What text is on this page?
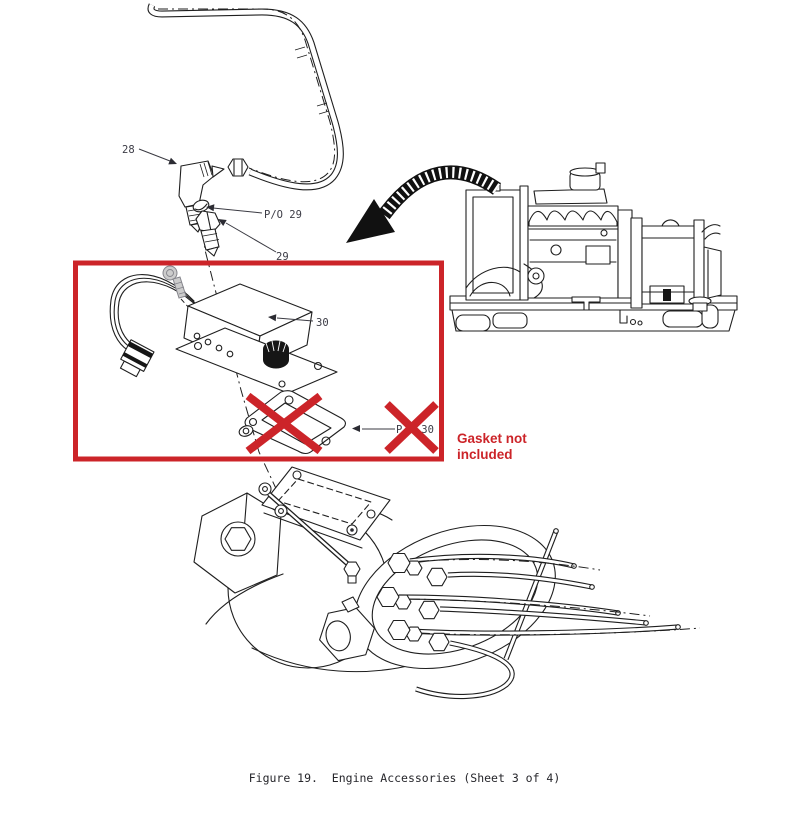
28
P/O 29
29
30
P/O 30
Gasket not included
Figure 19.  Engine Accessories (Sheet 3 of 4)
